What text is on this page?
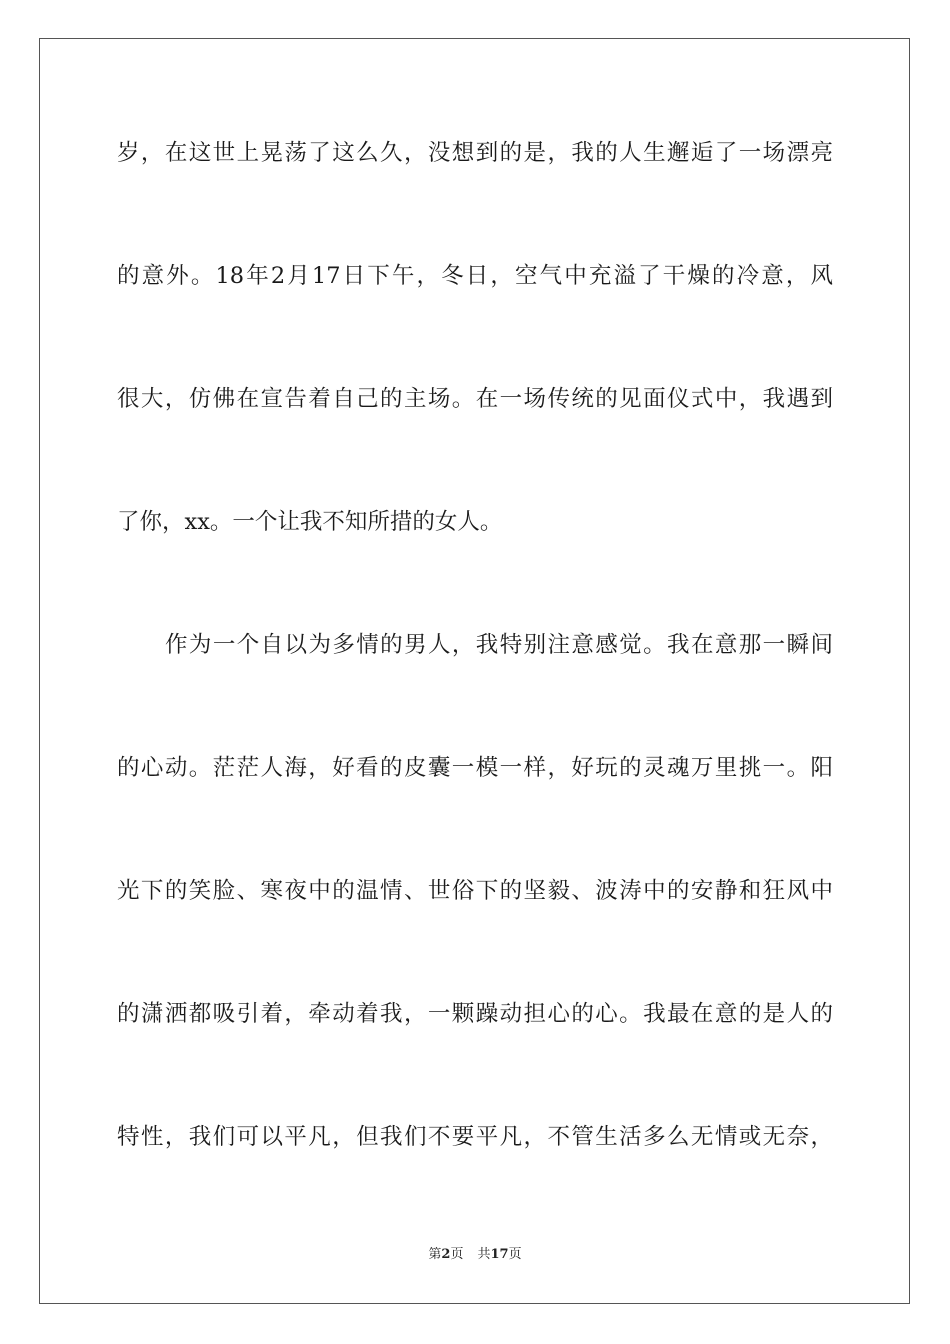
岁，在这世上晃荡了这么久，没想到的是，我的人生邂逅了一场漂亮
的意外。18年2月17日下午，冬日，空气中充溢了干燥的冷意，风
很大，仿佛在宣告着自己的主场。在一场传统的见面仪式中，我遇到
了你，xx。一个让我不知所措的女人。
作为一个自以为多情的男人，我特别注意感觉。我在意那一瞬间
的心动。茫茫人海，好看的皮囊一模一样，好玩的灵魂万里挑一。阳
光下的笑脸、寒夜中的温情、世俗下的坚毅、波涛中的安静和狂风中
的潇洒都吸引着，牵动着我，一颗躁动担心的心。我最在意的是人的
特性，我们可以平凡，但我们不要平凡，不管生活多么无情或无奈，
第2页 共17页
